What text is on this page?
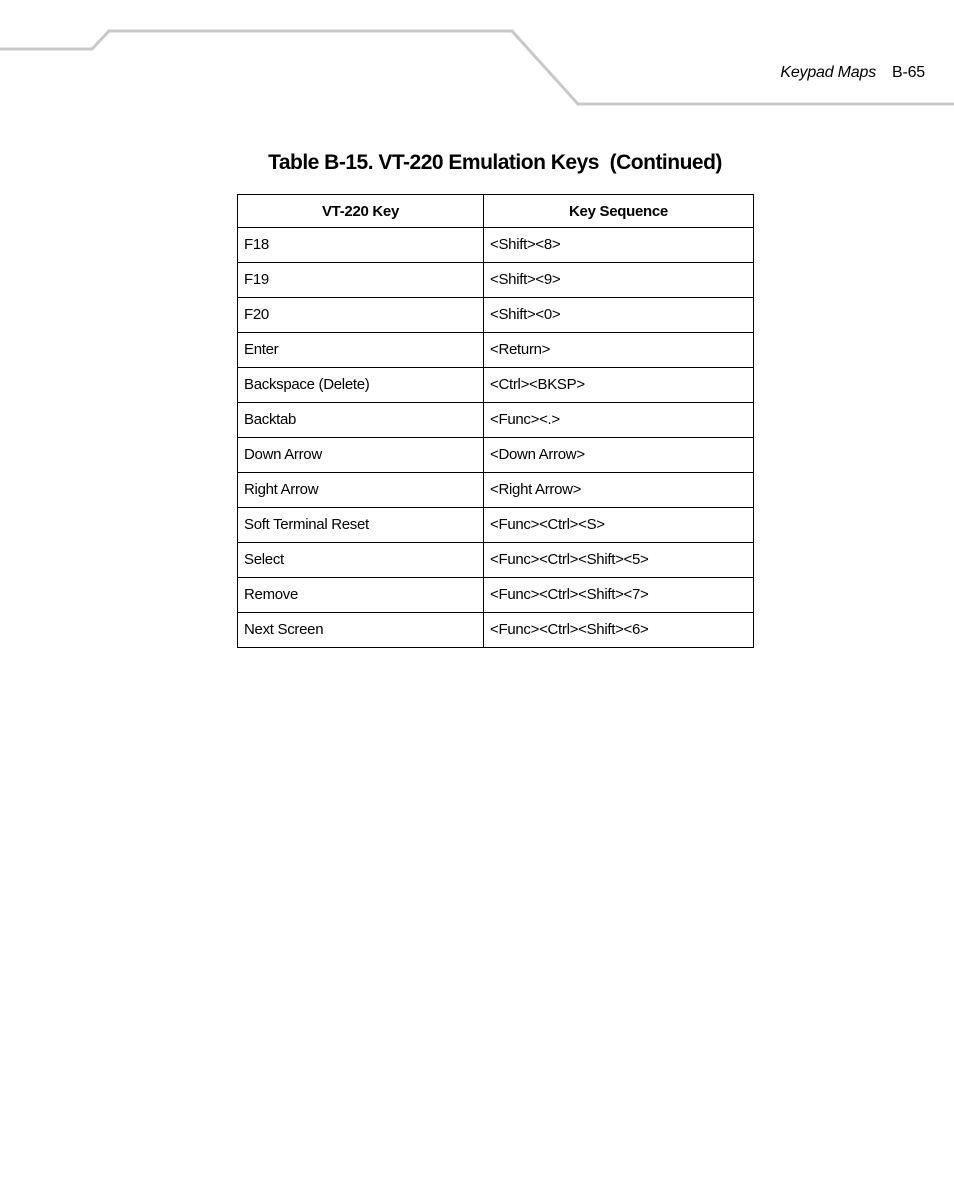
Keypad Maps B-65
Table B-15. VT-220 Emulation Keys  (Continued)
VT-220 Key	Key Sequence
F18	<Shift><8>
F19	<Shift><9>
F20	<Shift><0>
Enter	<Return>
Backspace (Delete)	<Ctrl><BKSP>
Backtab	<Func><.>
Down Arrow	<Down Arrow>
Right Arrow	<Right Arrow>
Soft Terminal Reset	<Func><Ctrl><S>
Select	<Func><Ctrl><Shift><5>
Remove	<Func><Ctrl><Shift><7>
Next Screen	<Func><Ctrl><Shift><6>
